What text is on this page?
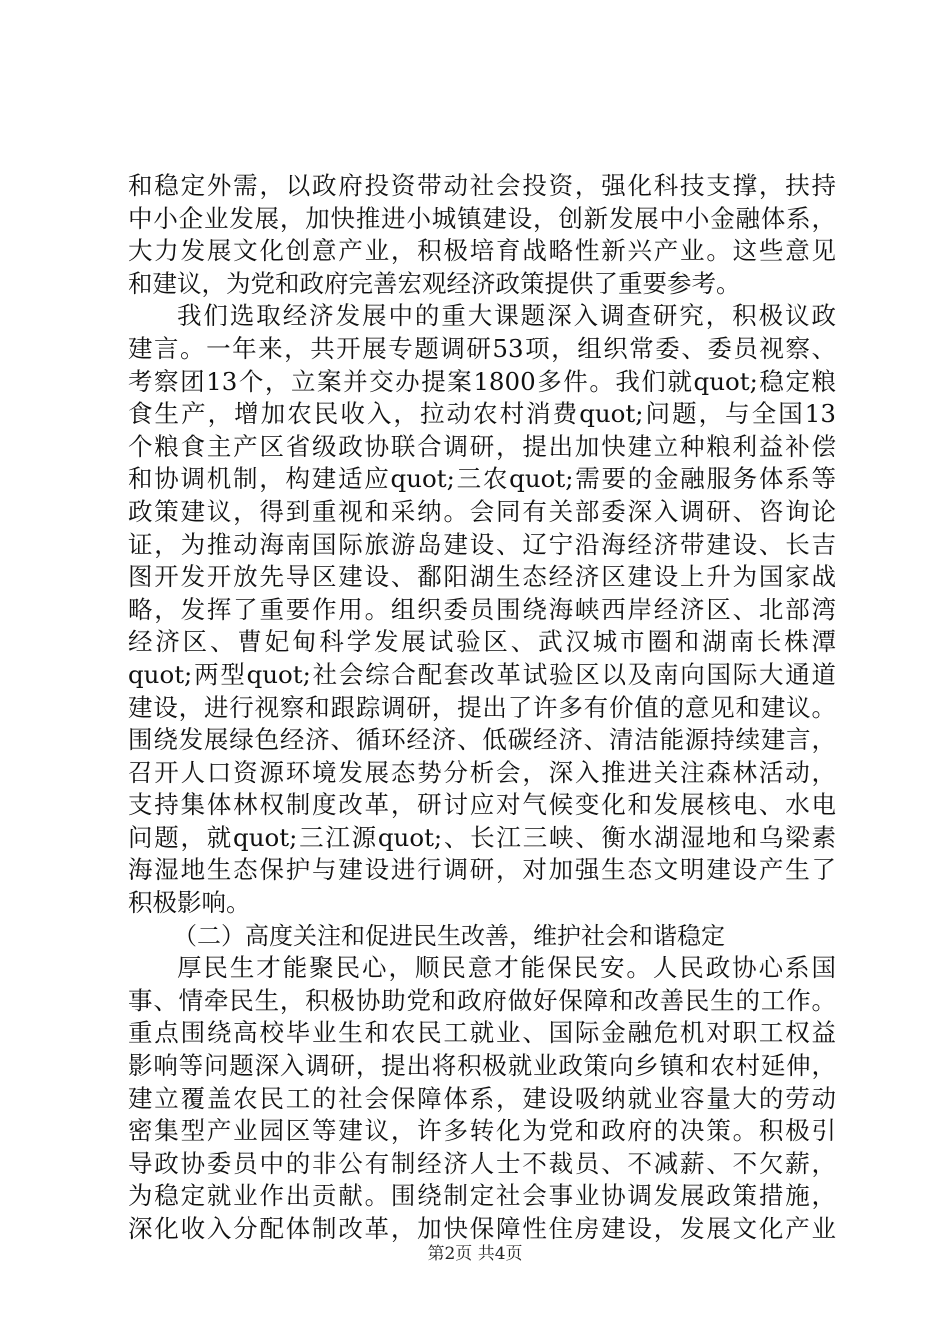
和稳定外需，以政府投资带动社会投资，强化科技支撑，扶持
中小企业发展，加快推进小城镇建设，创新发展中小金融体系，
大力发展文化创意产业，积极培育战略性新兴产业。这些意见
和建议，为党和政府完善宏观经济政策提供了重要参考。
我们选取经济发展中的重大课题深入调查研究，积极议政
建言。一年来，共开展专题调研53项，组织常委、委员视察、
考察团13个，立案并交办提案1800多件。我们就quot;稳定粮
食生产，增加农民收入，拉动农村消费quot;问题，与全国13
个粮食主产区省级政协联合调研，提出加快建立种粮利益补偿
和协调机制，构建适应quot;三农quot;需要的金融服务体系等
政策建议，得到重视和采纳。会同有关部委深入调研、咨询论
证，为推动海南国际旅游岛建设、辽宁沿海经济带建设、长吉
图开发开放先导区建设、鄱阳湖生态经济区建设上升为国家战
略，发挥了重要作用。组织委员围绕海峡西岸经济区、北部湾
经济区、曹妃甸科学发展试验区、武汉城市圈和湖南长株潭
quot;两型quot;社会综合配套改革试验区以及南向国际大通道
建设，进行视察和跟踪调研，提出了许多有价值的意见和建议。
围绕发展绿色经济、循环经济、低碳经济、清洁能源持续建言，
召开人口资源环境发展态势分析会，深入推进关注森林活动，
支持集体林权制度改革，研讨应对气候变化和发展核电、水电
问题，就quot;三江源quot;、长江三峡、衡水湖湿地和乌梁素
海湿地生态保护与建设进行调研，对加强生态文明建设产生了
积极影响。
（二）高度关注和促进民生改善，维护社会和谐稳定
厚民生才能聚民心，顺民意才能保民安。人民政协心系国
事、情牵民生，积极协助党和政府做好保障和改善民生的工作。
重点围绕高校毕业生和农民工就业、国际金融危机对职工权益
影响等问题深入调研，提出将积极就业政策向乡镇和农村延伸，
建立覆盖农民工的社会保障体系，建设吸纳就业容量大的劳动
密集型产业园区等建议，许多转化为党和政府的决策。积极引
导政协委员中的非公有制经济人士不裁员、不减薪、不欠薪，
为稳定就业作出贡献。围绕制定社会事业协调发展政策措施，
深化收入分配体制改革，加快保障性住房建设，发展文化产业
第2页 共4页
